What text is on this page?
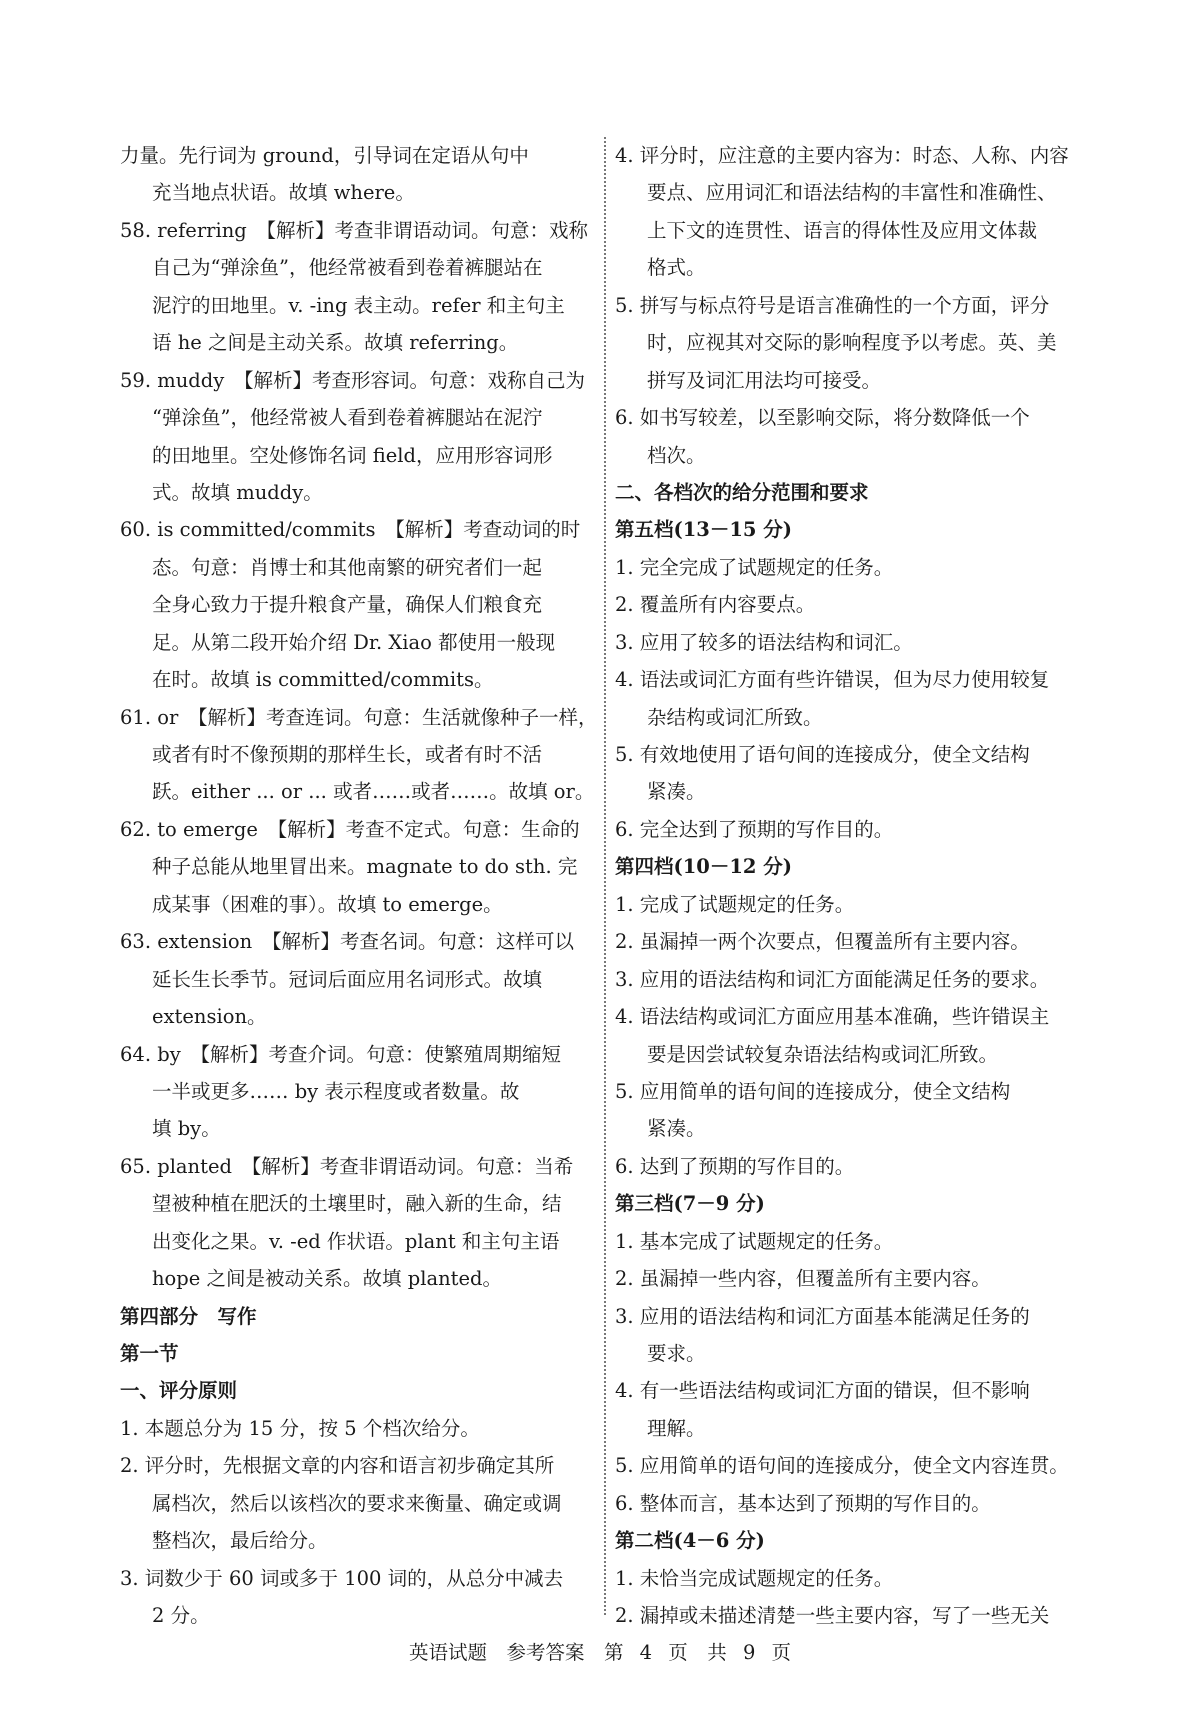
力量。先行词为 ground，引导词在定语从句中
充当地点状语。故填 where。
58. referring　【解析】考查非谓语动词。句意：戏称
自己为“弹涂鱼”，他经常被看到卷着裤腿站在
泥泞的田地里。v. -ing 表主动。refer 和主句主
语 he 之间是主动关系。故填 referring。
59. muddy　【解析】考查形容词。句意：戏称自己为
“弹涂鱼”，他经常被人看到卷着裤腿站在泥泞
的田地里。空处修饰名词 field，应用形容词形
式。故填 muddy。
60. is committed/commits　【解析】考查动词的时
态。句意：肖博士和其他南繁的研究者们一起
全身心致力于提升粮食产量，确保人们粮食充
足。从第二段开始介绍 Dr. Xiao 都使用一般现
在时。故填 is committed/commits。
61. or　【解析】考查连词。句意：生活就像种子一样，
或者有时不像预期的那样生长，或者有时不活
跃。either ... or ... 或者……或者……。故填 or。
62. to emerge　【解析】考查不定式。句意：生命的
种子总能从地里冒出来。magnate to do sth. 完
成某事（困难的事）。故填 to emerge。
63. extension　【解析】考查名词。句意：这样可以
延长生长季节。冠词后面应用名词形式。故填
extension。
64. by　【解析】考查介词。句意：使繁殖周期缩短
一半或更多…… by 表示程度或者数量。故
填 by。
65. planted　【解析】考查非谓语动词。句意：当希
望被种植在肥沃的土壤里时，融入新的生命，结
出变化之果。v. -ed 作状语。plant 和主句主语
hope 之间是被动关系。故填 planted。
第四部分　写作
第一节
一、评分原则
1. 本题总分为 15 分，按 5 个档次给分。
2. 评分时，先根据文章的内容和语言初步确定其所
属档次，然后以该档次的要求来衡量、确定或调
整档次，最后给分。
3. 词数少于 60 词或多于 100 词的，从总分中减去
2 分。
4. 评分时，应注意的主要内容为：时态、人称、内容
要点、应用词汇和语法结构的丰富性和准确性、
上下文的连贯性、语言的得体性及应用文体裁
格式。
5. 拼写与标点符号是语言准确性的一个方面，评分
时，应视其对交际的影响程度予以考虑。英、美
拼写及词汇用法均可接受。
6. 如书写较差，以至影响交际，将分数降低一个
档次。
二、各档次的给分范围和要求
第五档(13－15 分)
1. 完全完成了试题规定的任务。
2. 覆盖所有内容要点。
3. 应用了较多的语法结构和词汇。
4. 语法或词汇方面有些许错误，但为尽力使用较复
杂结构或词汇所致。
5. 有效地使用了语句间的连接成分，使全文结构
紧凑。
6. 完全达到了预期的写作目的。
第四档(10－12 分)
1. 完成了试题规定的任务。
2. 虽漏掉一两个次要点，但覆盖所有主要内容。
3. 应用的语法结构和词汇方面能满足任务的要求。
4. 语法结构或词汇方面应用基本准确，些许错误主
要是因尝试较复杂语法结构或词汇所致。
5. 应用简单的语句间的连接成分，使全文结构
紧凑。
6. 达到了预期的写作目的。
第三档(7－9 分)
1. 基本完成了试题规定的任务。
2. 虽漏掉一些内容，但覆盖所有主要内容。
3. 应用的语法结构和词汇方面基本能满足任务的
要求。
4. 有一些语法结构或词汇方面的错误，但不影响
理解。
5. 应用简单的语句间的连接成分，使全文内容连贯。
6. 整体而言，基本达到了预期的写作目的。
第二档(4－6 分)
1. 未恰当完成试题规定的任务。
2. 漏掉或未描述清楚一些主要内容，写了一些无关
英语试题　参考答案　第 4 页　共 9 页
